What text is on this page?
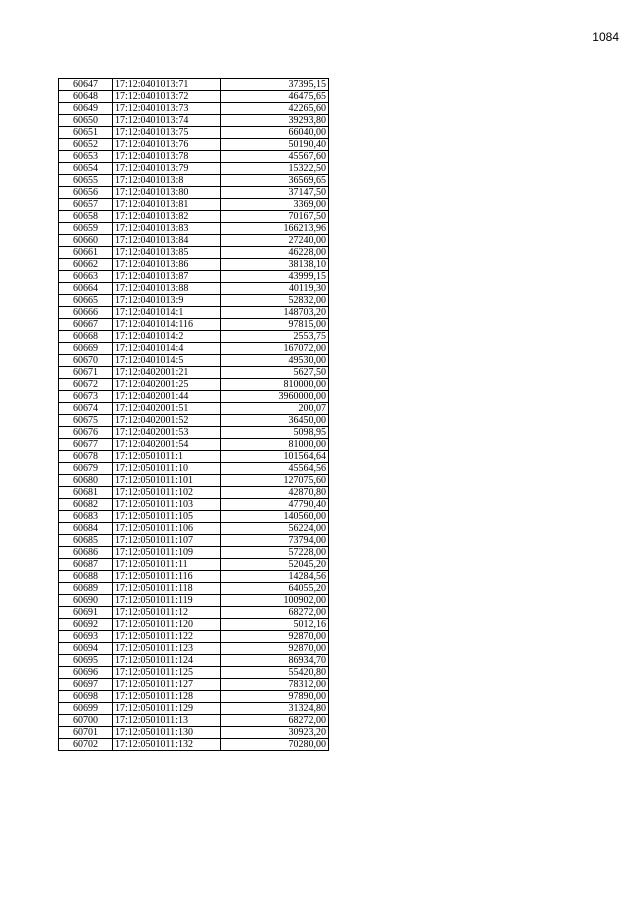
1084
60647	17:12:0401013:71	37395,15
60648	17:12:0401013:72	46475,65
60649	17:12:0401013:73	42265,60
60650	17:12:0401013:74	39293,80
60651	17:12:0401013:75	66040,00
60652	17:12:0401013:76	50190,40
60653	17:12:0401013:78	45567,60
60654	17:12:0401013:79	15322,50
60655	17:12:0401013:8	36569,65
60656	17:12:0401013:80	37147,50
60657	17:12:0401013:81	3369,00
60658	17:12:0401013:82	70167,50
60659	17:12:0401013:83	166213,96
60660	17:12:0401013:84	27240,00
60661	17:12:0401013:85	46228,00
60662	17:12:0401013:86	38138,10
60663	17:12:0401013:87	43999,15
60664	17:12:0401013:88	40119,30
60665	17:12:0401013:9	52832,00
60666	17:12:0401014:1	148703,20
60667	17:12:0401014:116	97815,00
60668	17:12:0401014:2	2553,75
60669	17:12:0401014:4	167072,00
60670	17:12:0401014:5	49530,00
60671	17:12:0402001:21	5627,50
60672	17:12:0402001:25	810000,00
60673	17:12:0402001:44	3960000,00
60674	17:12:0402001:51	200,07
60675	17:12:0402001:52	36450,00
60676	17:12:0402001:53	5098,95
60677	17:12:0402001:54	81000,00
60678	17:12:0501011:1	101564,64
60679	17:12:0501011:10	45564,56
60680	17:12:0501011:101	127075,60
60681	17:12:0501011:102	42870,80
60682	17:12:0501011:103	47790,40
60683	17:12:0501011:105	140560,00
60684	17:12:0501011:106	56224,00
60685	17:12:0501011:107	73794,00
60686	17:12:0501011:109	57228,00
60687	17:12:0501011:11	52045,20
60688	17:12:0501011:116	14284,56
60689	17:12:0501011:118	64055,20
60690	17:12:0501011:119	100902,00
60691	17:12:0501011:12	68272,00
60692	17:12:0501011:120	5012,16
60693	17:12:0501011:122	92870,00
60694	17:12:0501011:123	92870,00
60695	17:12:0501011:124	86934,70
60696	17:12:0501011:125	55420,80
60697	17:12:0501011:127	78312,00
60698	17:12:0501011:128	97890,00
60699	17:12:0501011:129	31324,80
60700	17:12:0501011:13	68272,00
60701	17:12:0501011:130	30923,20
60702	17:12:0501011:132	70280,00
